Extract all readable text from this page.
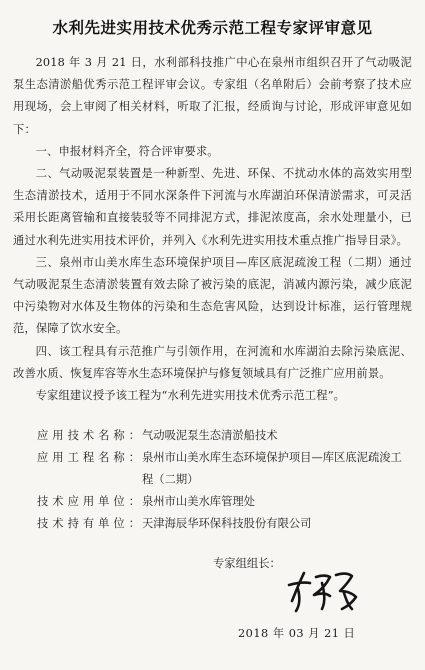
水利先进实用技术优秀示范工程专家评审意见

2018 年 3 月 21 日，水利部科技推广中心在泉州市组织召开了气动吸泥泵生态清淤船优秀示范工程评审会议。专家组（名单附后）会前考察了技术应用现场，会上审阅了相关材料，听取了汇报，经质询与讨论，形成评审意见如下：

一、申报材料齐全，符合评审要求。

二、气动吸泥泵装置是一种新型、先进、环保、不扰动水体的高效实用型生态清淤技术，适用于不同水深条件下河流与水库湖泊环保清淤需求，可灵活采用长距离管输和直接装驳等不同排泥方式，排泥浓度高，余水处理量小，已通过水利先进实用技术评价，并列入《水利先进实用技术重点推广指导目录》。

三、泉州市山美水库生态环境保护项目—库区底泥疏浚工程（二期）通过气动吸泥泵生态清淤装置有效去除了被污染的底泥，消减内源污染，减少底泥中污染物对水体及生物体的污染和生态危害风险，达到设计标准，运行管理规范，保障了饮水安全。

四、该工程具有示范推广与引领作用，在河流和水库湖泊去除污染底泥、改善水质、恢复库容等水生态环境保护与修复领域具有广泛推广应用前景。

专家组建议授予该工程为“水利先进实用技术优秀示范工程”。

应用技术名称： 气动吸泥泵生态清淤船技术
应用工程名称： 泉州市山美水库生态环境保护项目—库区底泥疏浚工程（二期）
技术应用单位： 泉州市山美水库管理处
技术持有单位： 天津海辰华环保科技股份有限公司
专家组组长：
2018 年 03 月 21 日
